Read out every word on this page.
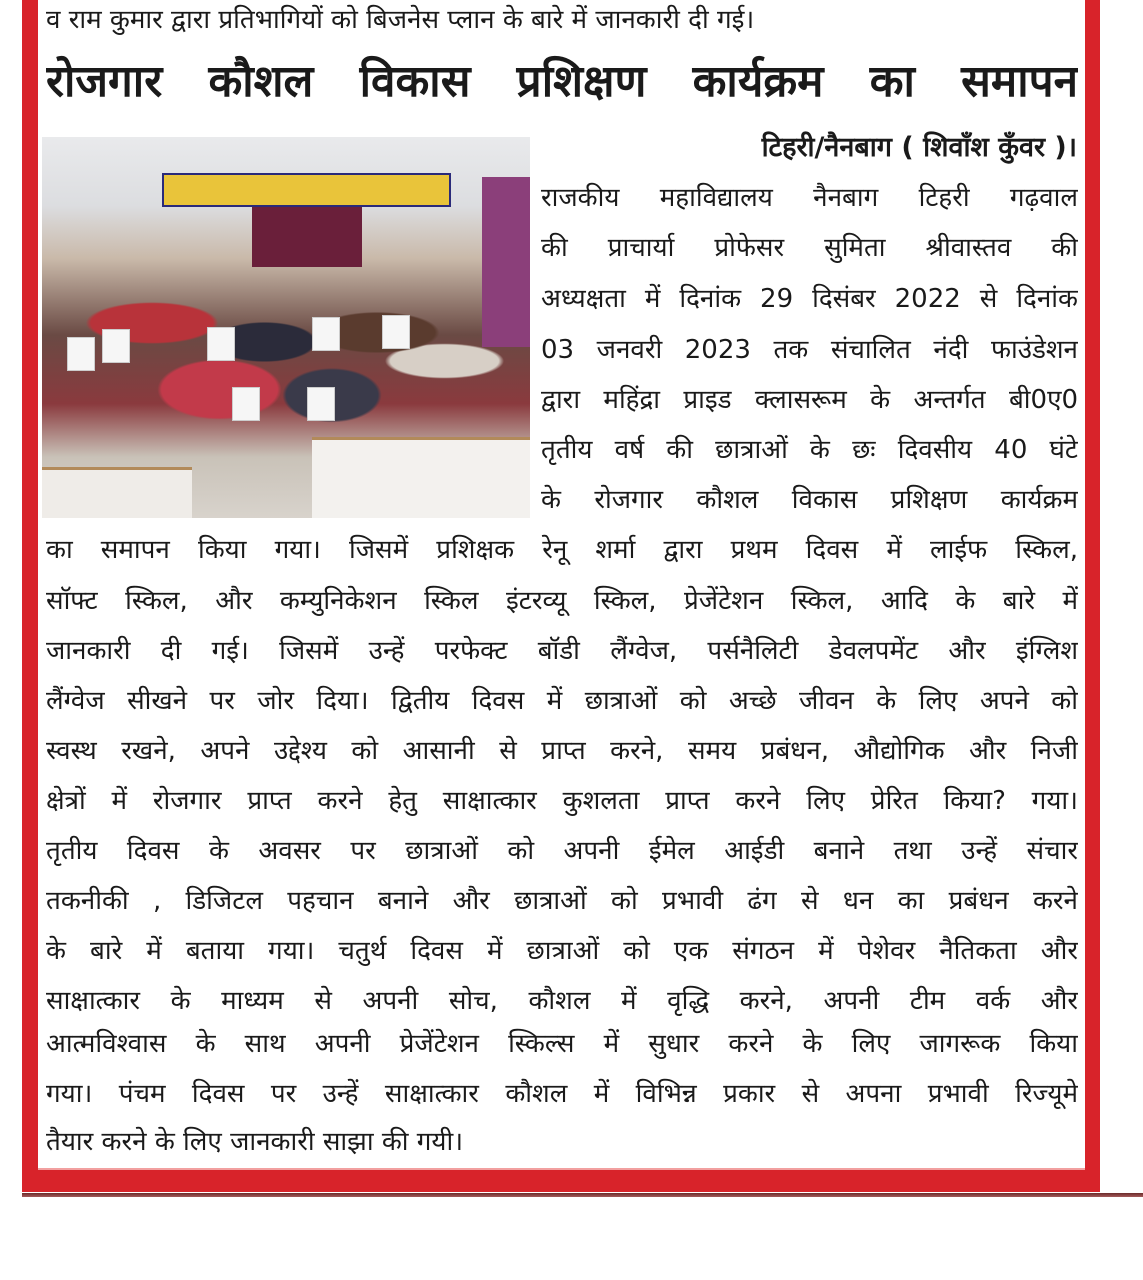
व राम कुमार द्वारा प्रतिभागियों को बिजनेस प्लान के बारे में जानकारी दी गई।
रोजगार कौशल विकास प्रशिक्षण कार्यक्रम का समापन
टिहरी/नैनबाग ( शिवाँश कुँवर )।
राजकीय महाविद्यालय नैनबाग टिहरी गढ़वाल
की प्राचार्या प्रोफेसर सुमिता श्रीवास्तव की
अध्यक्षता में दिनांक 29 दिसंबर 2022 से दिनांक
03 जनवरी 2023 तक संचालित नंदी फाउंडेशन
द्वारा महिंद्रा प्राइड क्लासरूम के अन्तर्गत बी0ए0
तृतीय वर्ष की छात्राओं के छः दिवसीय 40 घंटे
के रोजगार कौशल विकास प्रशिक्षण कार्यक्रम
का समापन किया गया। जिसमें प्रशिक्षक रेनू शर्मा द्वारा प्रथम दिवस में लाईफ स्किल,
सॉफ्ट स्किल, और कम्युनिकेशन स्किल इंटरव्यू स्किल, प्रेजेंटेशन स्किल, आदि के बारे में
जानकारी दी गई। जिसमें उन्हें परफेक्ट बॉडी लैंग्वेज, पर्सनैलिटी डेवलपमेंट और इंग्लिश
लैंग्वेज सीखने पर जोर दिया। द्वितीय दिवस में छात्राओं को अच्छे जीवन के लिए अपने को
स्वस्थ रखने, अपने उद्देश्य को आसानी से प्राप्त करने, समय प्रबंधन, औद्योगिक और निजी
क्षेत्रों में रोजगार प्राप्त करने हेतु साक्षात्कार कुशलता प्राप्त करने लिए प्रेरित किया? गया।
तृतीय दिवस के अवसर पर छात्राओं को अपनी ईमेल आईडी बनाने तथा उन्हें संचार
तकनीकी , डिजिटल पहचान बनाने और छात्राओं को प्रभावी ढंग से धन का प्रबंधन करने
के बारे में बताया गया। चतुर्थ दिवस में छात्राओं को एक संगठन में पेशेवर नैतिकता और
साक्षात्कार के माध्यम से अपनी सोच, कौशल में वृद्धि करने, अपनी टीम वर्क और
आत्मविश्वास के साथ अपनी प्रेजेंटेशन स्किल्स में सुधार करने के लिए जागरूक किया
गया। पंचम दिवस पर उन्हें साक्षात्कार कौशल में विभिन्न प्रकार से अपना प्रभावी रिज्यूमे
तैयार करने के लिए जानकारी साझा की गयी।
